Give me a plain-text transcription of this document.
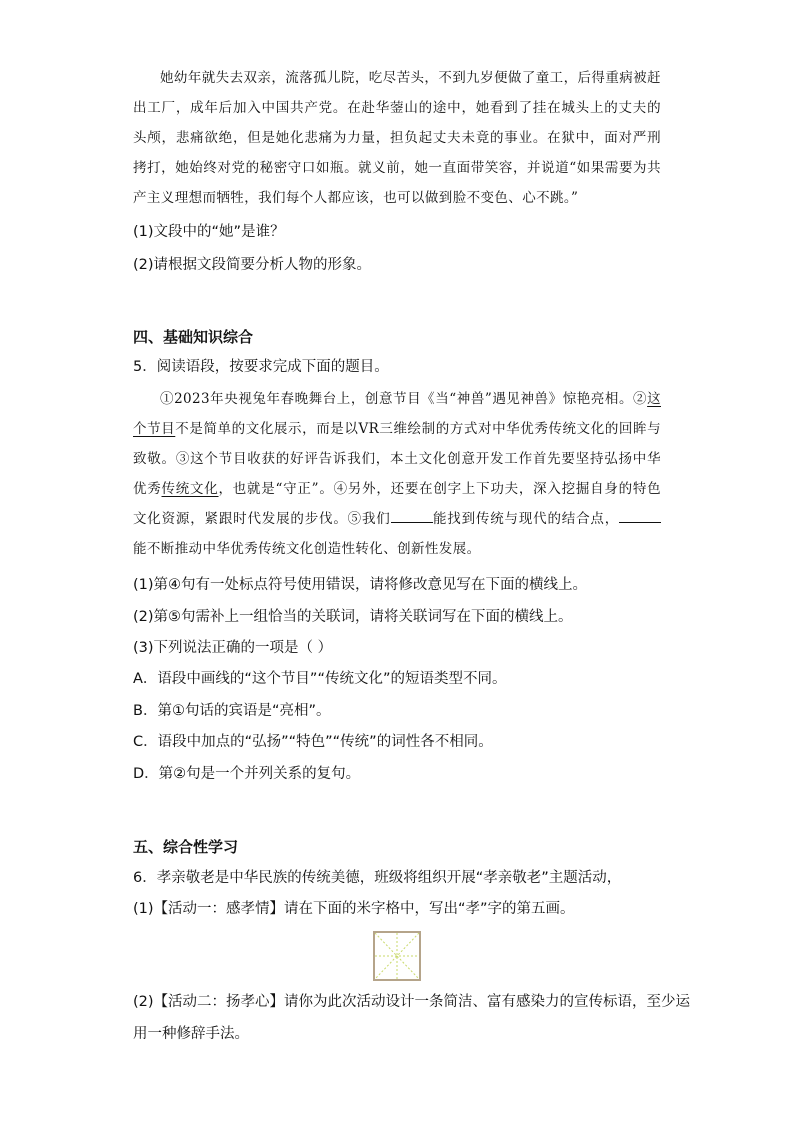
她幼年就失去双亲，流落孤儿院，吃尽苦头，不到九岁便做了童工，后得重病被赶出工厂，成年后加入中国共产党。在赴华蓥山的途中，她看到了挂在城头上的丈夫的头颅，悲痛欲绝，但是她化悲痛为力量，担负起丈夫未竟的事业。在狱中，面对严刑拷打，她始终对党的秘密守口如瓶。就义前，她一直面带笑容，并说道“如果需要为共产主义理想而牺牲，我们每个人都应该，也可以做到脸不变色、心不跳。”

(1)文段中的“她”是谁？
(2)请根据文段简要分析人物的形象。
四、基础知识综合
5．阅读语段，按要求完成下面的题目。

①2023年央视兔年春晚舞台上，创意节目《当“神兽”遇见神兽》惊艳亮相。②这个节目不是简单的文化展示，而是以VR三维绘制的方式对中华优秀传统文化的回眸与致敬。③这个节目收获的好评告诉我们，本土文化创意开发工作首先要坚持弘扬中华优秀传统文化，也就是“守正”。④另外，还要在创字上下功夫，深入挖掘自身的特色文化资源，紧跟时代发展的步伐。⑤我们	能找到传统与现代的结合点，能不断推动中华优秀传统文化创造性转化、创新性发展。

(1)第④句有一处标点符号使用错误，请将修改意见写在下面的横线上。
(2)第⑤句需补上一组恰当的关联词，请将关联词写在下面的横线上。
(3)下列说法正确的一项是（ ）
A．语段中画线的“这个节目”“传统文化”的短语类型不同。
B．第①句话的宾语是“亮相”。
C．语段中加点的“弘扬”“特色”“传统”的词性各不相同。
D．第②句是一个并列关系的复句。
五、综合性学习
6．孝亲敬老是中华民族的传统美德，班级将组织开展“孝亲敬老”主题活动，
(1)【活动一：感孝情】请在下面的米字格中，写出“孝”字的第五画。
(2)【活动二：扬孝心】请你为此次活动设计一条简洁、富有感染力的宣传标语，至少运
用一种修辞手法。
